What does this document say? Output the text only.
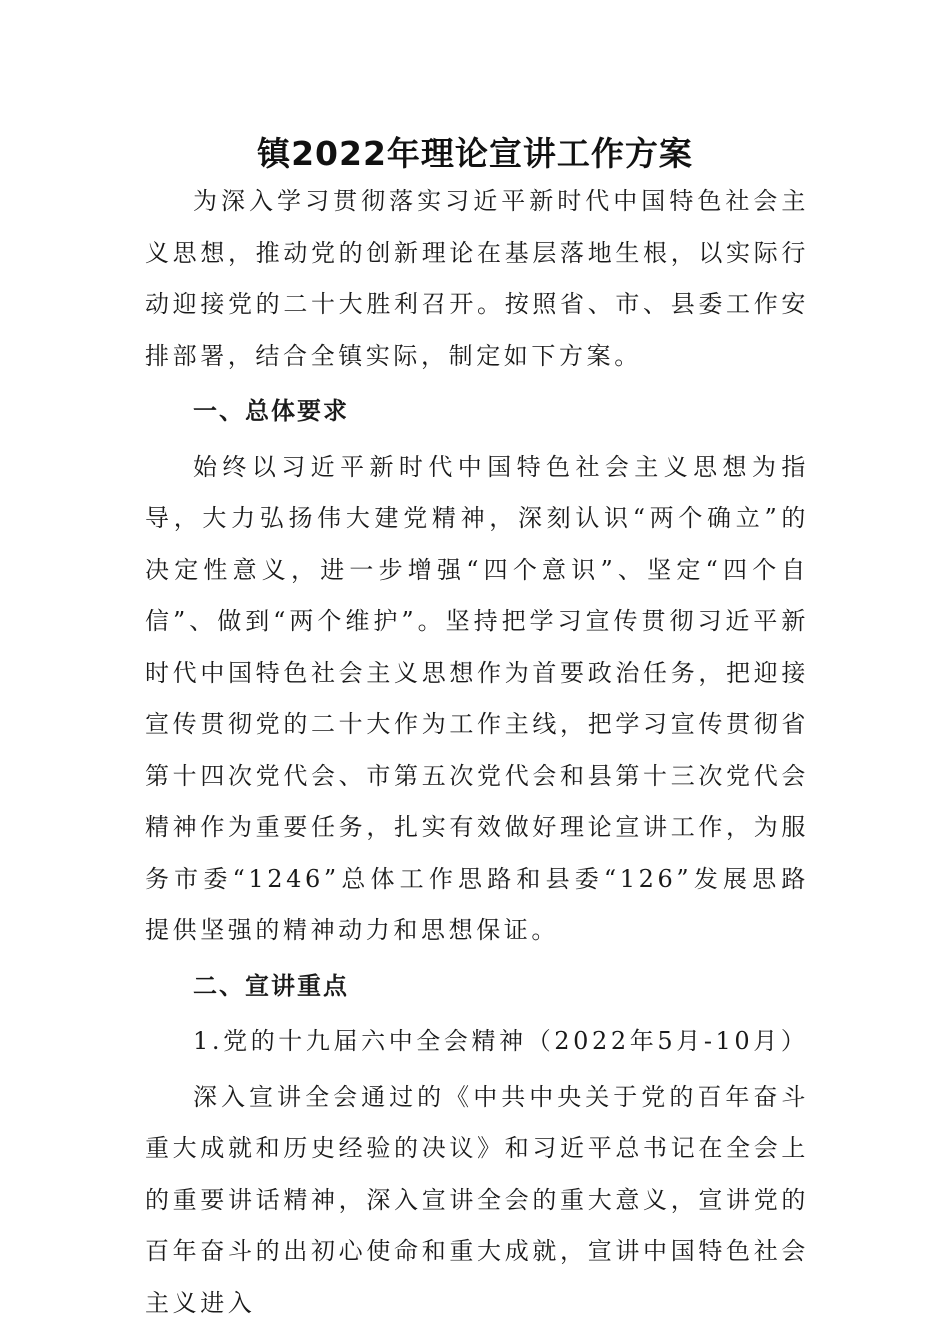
镇2022年理论宣讲工作方案

为深入学习贯彻落实习近平新时代中国特色社会主义思想，推动党的创新理论在基层落地生根，以实际行动迎接党的二十大胜利召开。按照省、市、县委工作安排部署，结合全镇实际，制定如下方案。

一、总体要求

始终以习近平新时代中国特色社会主义思想为指导，大力弘扬伟大建党精神，深刻认识“两个确立”的决定性意义，进一步增强“四个意识”、坚定“四个自信”、做到“两个维护”。坚持把学习宣传贯彻习近平新时代中国特色社会主义思想作为首要政治任务，把迎接宣传贯彻党的二十大作为工作主线，把学习宣传贯彻省第十四次党代会、市第五次党代会和县第十三次党代会精神作为重要任务，扎实有效做好理论宣讲工作，为服务市委“1246”总体工作思路和县委“126”发展思路提供坚强的精神动力和思想保证。

二、宣讲重点

1.党的十九届六中全会精神（2022年5月-10月）

深入宣讲全会通过的《中共中央关于党的百年奋斗重大成就和历史经验的决议》和习近平总书记在全会上的重要讲话精神，深入宣讲全会的重大意义，宣讲党的百年奋斗的出初心使命和重大成就，宣讲中国特色社会主义进入
